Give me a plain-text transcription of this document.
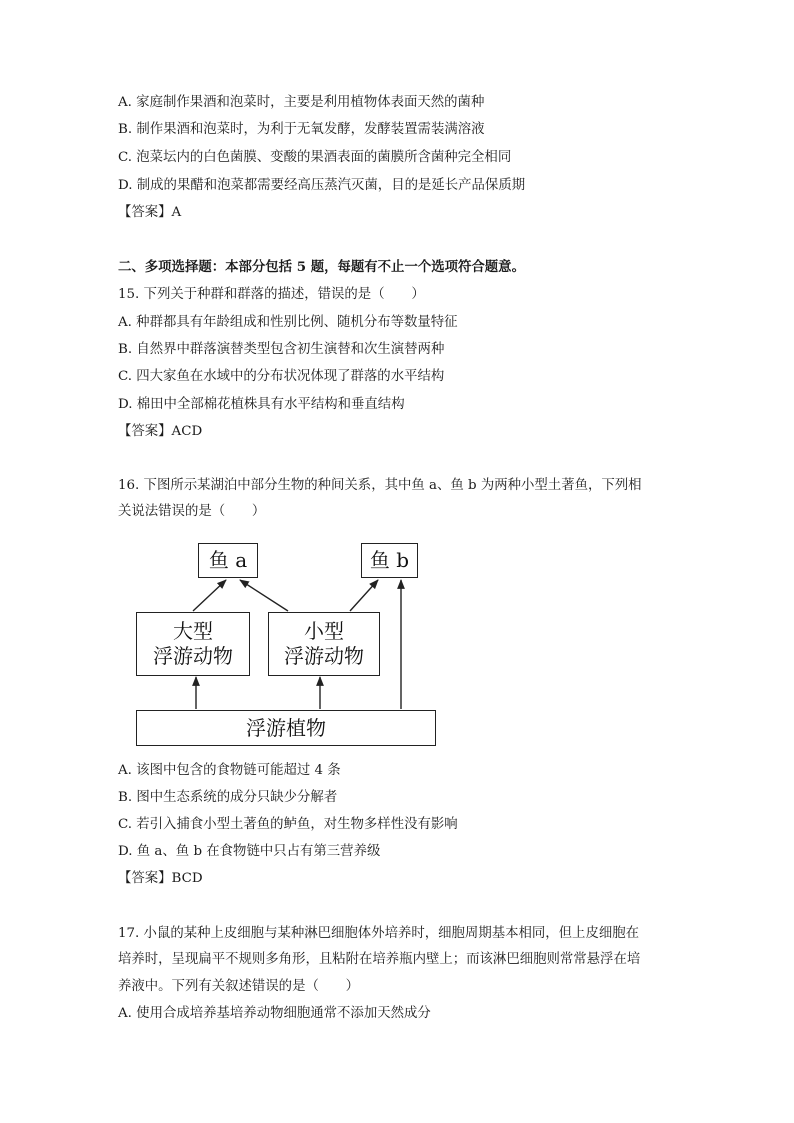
A. 家庭制作果酒和泡菜时，主要是利用植物体表面天然的菌种
B. 制作果酒和泡菜时，为利于无氧发酵，发酵装置需装满溶液
C. 泡菜坛内的白色菌膜、变酸的果酒表面的菌膜所含菌种完全相同
D. 制成的果醋和泡菜都需要经高压蒸汽灭菌，目的是延长产品保质期
【答案】A
二、多项选择题：本部分包括 5 题，每题有不止一个选项符合题意。
15. 下列关于种群和群落的描述，错误的是（　　）
A. 种群都具有年龄组成和性别比例、随机分布等数量特征
B. 自然界中群落演替类型包含初生演替和次生演替两种
C. 四大家鱼在水域中的分布状况体现了群落的水平结构
D. 棉田中全部棉花植株具有水平结构和垂直结构
【答案】ACD
16. 下图所示某湖泊中部分生物的种间关系，其中鱼 a、鱼 b 为两种小型土著鱼，下列相
关说法错误的是（　　）
鱼 a	鱼 b
大型
浮游动物
小型
浮游动物
浮游植物
A. 该图中包含的食物链可能超过 4 条
B. 图中生态系统的成分只缺少分解者
C. 若引入捕食小型土著鱼的鲈鱼，对生物多样性没有影响
D. 鱼 a、鱼 b 在食物链中只占有第三营养级
【答案】BCD
17. 小鼠的某种上皮细胞与某种淋巴细胞体外培养时，细胞周期基本相同，但上皮细胞在
培养时，呈现扁平不规则多角形，且粘附在培养瓶内壁上；而该淋巴细胞则常常悬浮在培
养液中。下列有关叙述错误的是（　　）
A. 使用合成培养基培养动物细胞通常不添加天然成分
